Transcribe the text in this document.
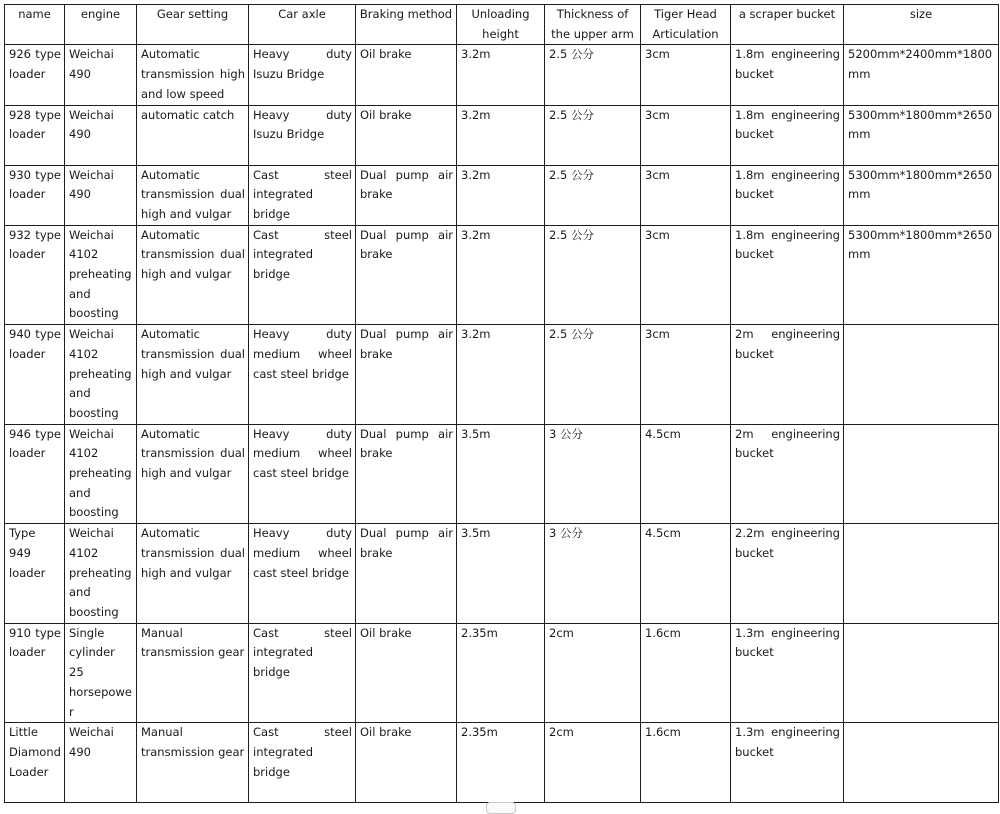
name	engine	Gear setting	Car axle	Braking method	Unloading height	Thickness of the upper arm	Tiger Head Articulation	a scraper bucket	size
926 type loader	Weichai 490	Automatic transmission high and low speed	Heavy duty Isuzu Bridge	Oil brake	3.2m	2.5 公分	3cm	1.8m engineering bucket	5200mm*2400mm*1800mm
928 type loader	Weichai 490	automatic catch	Heavy duty Isuzu Bridge	Oil brake	3.2m	2.5 公分	3cm	1.8m engineering bucket	5300mm*1800mm*2650mm
930 type loader	Weichai 490	Automatic transmission dual high and vulgar	Cast steel integrated bridge	Dual pump air brake	3.2m	2.5 公分	3cm	1.8m engineering bucket	5300mm*1800mm*2650mm
932 type loader	Weichai 4102 preheating and boosting	Automatic transmission dual high and vulgar	Cast steel integrated bridge	Dual pump air brake	3.2m	2.5 公分	3cm	1.8m engineering bucket	5300mm*1800mm*2650mm
940 type loader	Weichai 4102 preheating and boosting	Automatic transmission dual high and vulgar	Heavy duty medium wheel cast steel bridge	Dual pump air brake	3.2m	2.5 公分	3cm	2m engineering bucket	
946 type loader	Weichai 4102 preheating and boosting	Automatic transmission dual high and vulgar	Heavy duty medium wheel cast steel bridge	Dual pump air brake	3.5m	3 公分	4.5cm	2m engineering bucket	
Type 949 loader	Weichai 4102 preheating and boosting	Automatic transmission dual high and vulgar	Heavy duty medium wheel cast steel bridge	Dual pump air brake	3.5m	3 公分	4.5cm	2.2m engineering bucket	
910 type loader	Single cylinder 25 horsepower	Manual transmission gear	Cast steel integrated bridge	Oil brake	2.35m	2cm	1.6cm	1.3m engineering bucket	
Little Diamond Loader	Weichai 490	Manual transmission gear	Cast steel integrated bridge	Oil brake	2.35m	2cm	1.6cm	1.3m engineering bucket	
